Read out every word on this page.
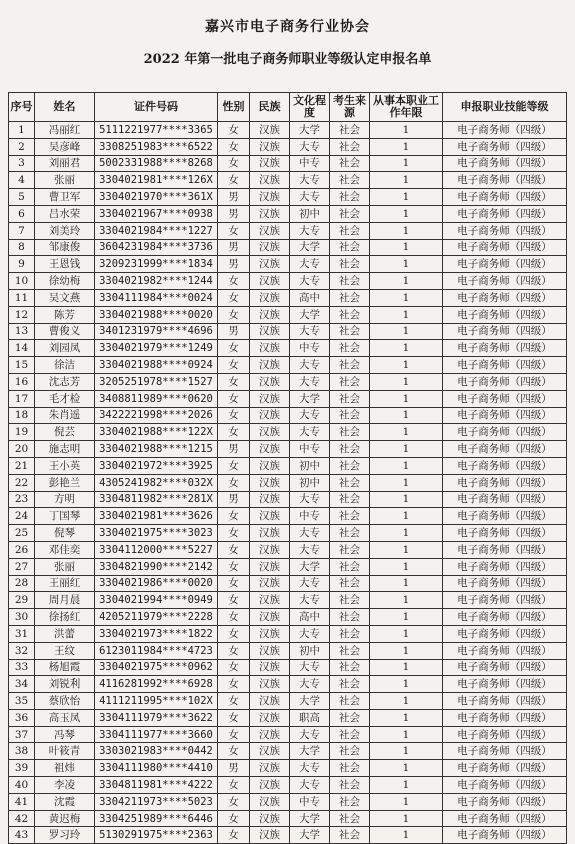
嘉兴市电子商务行业协会
2022 年第一批电子商务师职业等级认定申报名单
序号	姓名	证件号码	性别	民族	文化程度	考生来源	从事本职业工作年限	申报职业技能等级
1	冯丽红	5111221977****3365	女	汉族	大学	社会	1	电子商务师（四级）
2	吴彦峰	3308251983****6522	女	汉族	大专	社会	1	电子商务师（四级）
3	刘丽君	5002331988****8268	女	汉族	中专	社会	1	电子商务师（四级）
4	张丽	3304021981****126X	女	汉族	大专	社会	1	电子商务师（四级）
5	曹卫军	3304021970****361X	男	汉族	大专	社会	1	电子商务师（四级）
6	吕水荣	3304021967****0938	男	汉族	初中	社会	1	电子商务师（四级）
7	刘美玲	3304021984****1227	女	汉族	大专	社会	1	电子商务师（四级）
8	邹康俊	3604231984****3736	男	汉族	大学	社会	1	电子商务师（四级）
9	王恩钱	3209231999****1834	男	汉族	大专	社会	1	电子商务师（四级）
10	徐幼梅	3304021982****1244	女	汉族	大专	社会	1	电子商务师（四级）
11	吴文燕	3304111984****0024	女	汉族	高中	社会	1	电子商务师（四级）
12	陈芳	3304021988****0020	女	汉族	大学	社会	1	电子商务师（四级）
13	曹俊义	3401231979****4696	男	汉族	大专	社会	1	电子商务师（四级）
14	刘园凤	3304021979****1249	女	汉族	中专	社会	1	电子商务师（四级）
15	徐洁	3304021988****0924	女	汉族	大专	社会	1	电子商务师（四级）
16	沈志芳	3205251978****1527	女	汉族	大专	社会	1	电子商务师（四级）
17	毛才检	3408811989****0620	女	汉族	大学	社会	1	电子商务师（四级）
18	朱肖遥	3422221998****2026	女	汉族	大专	社会	1	电子商务师（四级）
19	倪芸	3304021988****122X	女	汉族	大专	社会	1	电子商务师（四级）
20	施志明	3304021988****1215	男	汉族	中专	社会	1	电子商务师（四级）
21	王小英	3304021972****3925	女	汉族	初中	社会	1	电子商务师（四级）
22	彭艳兰	4305241982****032X	女	汉族	初中	社会	1	电子商务师（四级）
23	方明	3304811982****281X	男	汉族	大专	社会	1	电子商务师（四级）
24	丁国琴	3304021981****3626	女	汉族	中专	社会	1	电子商务师（四级）
25	倪琴	3304021975****3023	女	汉族	大专	社会	1	电子商务师（四级）
26	邓佳奕	3304112000****5227	女	汉族	大专	社会	1	电子商务师（四级）
27	张丽	3304821990****2142	女	汉族	大学	社会	1	电子商务师（四级）
28	王丽红	3304021986****0020	女	汉族	大专	社会	1	电子商务师（四级）
29	周月晨	3304021994****0949	女	汉族	大专	社会	1	电子商务师（四级）
30	徐扬红	4205211979****2228	女	汉族	高中	社会	1	电子商务师（四级）
31	洪蕾	3304021973****1822	女	汉族	大专	社会	1	电子商务师（四级）
32	王纹	6123011984****4723	女	汉族	初中	社会	1	电子商务师（四级）
33	杨旭霞	3304021975****0962	女	汉族	大专	社会	1	电子商务师（四级）
34	刘锐利	4116281992****6928	女	汉族	大专	社会	1	电子商务师（四级）
35	蔡欣怡	4111211995****102X	女	汉族	大学	社会	1	电子商务师（四级）
36	高玉凤	3304111979****3622	女	汉族	职高	社会	1	电子商务师（四级）
37	冯琴	3304111977****3660	女	汉族	大专	社会	1	电子商务师（四级）
38	叶筱青	3303021983****0442	女	汉族	大学	社会	1	电子商务师（四级）
39	祖炜	3304111980****4410	男	汉族	大专	社会	1	电子商务师（四级）
40	李凌	3304811981****4222	女	汉族	大专	社会	1	电子商务师（四级）
41	沈霞	3304211973****5023	女	汉族	中专	社会	1	电子商务师（四级）
42	黄迟梅	3304251989****6446	女	汉族	大学	社会	1	电子商务师（四级）
43	罗习玲	5130291975****2363	女	汉族	大学	社会	1	电子商务师（四级）
